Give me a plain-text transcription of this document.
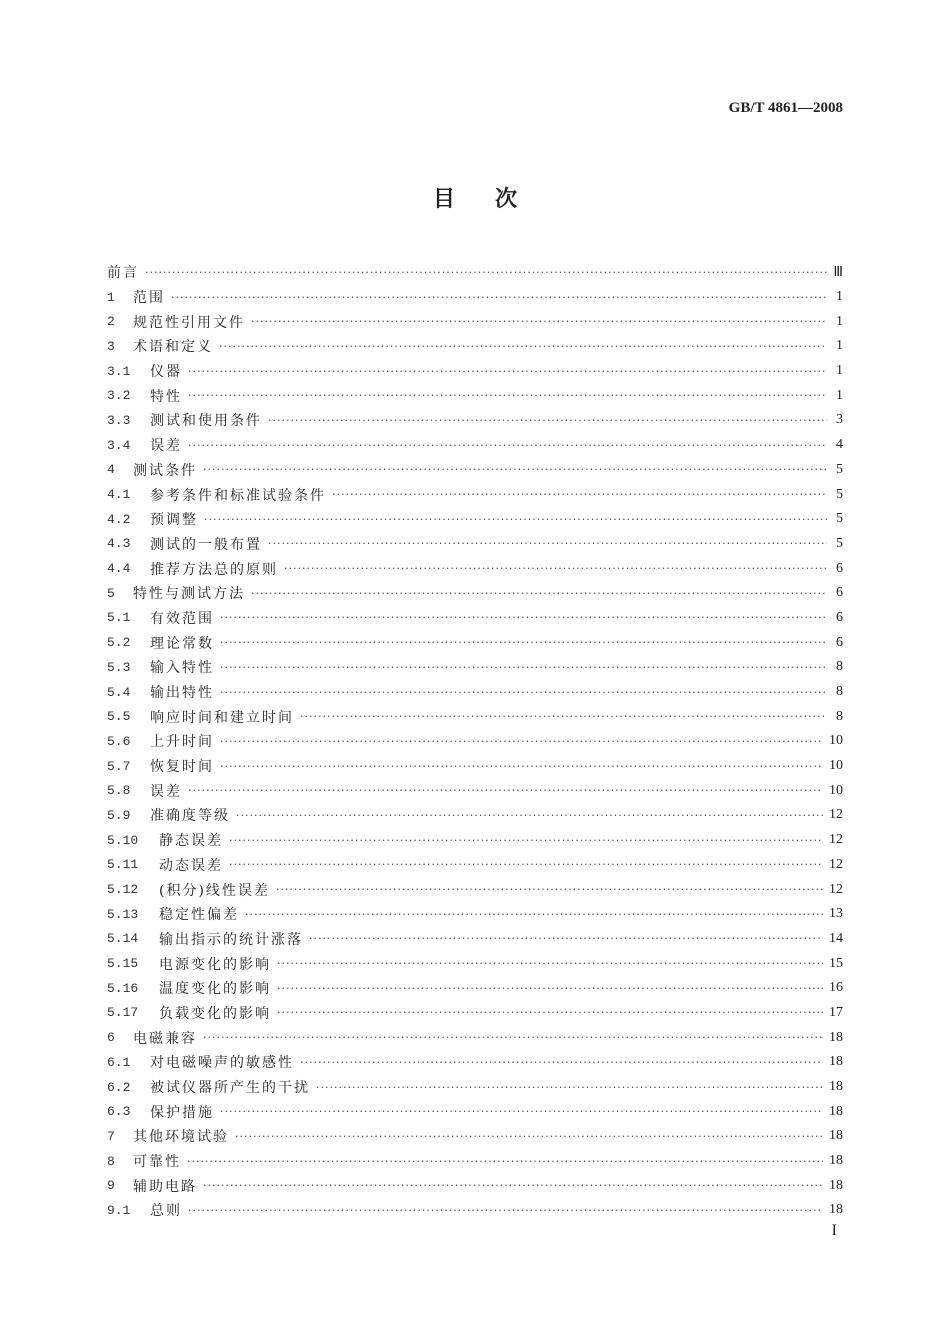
GB/T 4861—2008
目次
前言 ·····	Ⅲ
1	范围 ·····	1
2	规范性引用文件 ·····	1
3	术语和定义 ·····	1
3.1	仪器 ·····	1
3.2	特性 ·····	1
3.3	测试和使用条件 ·····	3
3.4	误差 ·····	4
4	测试条件 ·····	5
4.1	参考条件和标准试验条件 ·····	5
4.2	预调整 ·····	5
4.3	测试的一般布置 ·····	5
4.4	推荐方法总的原则 ·····	6
5	特性与测试方法 ·····	6
5.1	有效范围 ·····	6
5.2	理论常数 ·····	6
5.3	输入特性 ·····	8
5.4	输出特性 ·····	8
5.5	响应时间和建立时间 ·····	8
5.6	上升时间 ·····	10
5.7	恢复时间 ·····	10
5.8	误差 ·····	10
5.9	准确度等级 ·····	12
5.10	静态误差 ·····	12
5.11	动态误差 ·····	12
5.12	(积分)线性误差 ·····	12
5.13	稳定性偏差 ·····	13
5.14	输出指示的统计涨落 ·····	14
5.15	电源变化的影响 ·····	15
5.16	温度变化的影响 ·····	16
5.17	负载变化的影响 ·····	17
6	电磁兼容 ·····	18
6.1	对电磁噪声的敏感性 ·····	18
6.2	被试仪器所产生的干扰 ·····	18
6.3	保护措施 ·····	18
7	其他环境试验 ·····	18
8	可靠性 ·····	18
9	辅助电路 ·····	18
9.1	总则 ·····	18
I
